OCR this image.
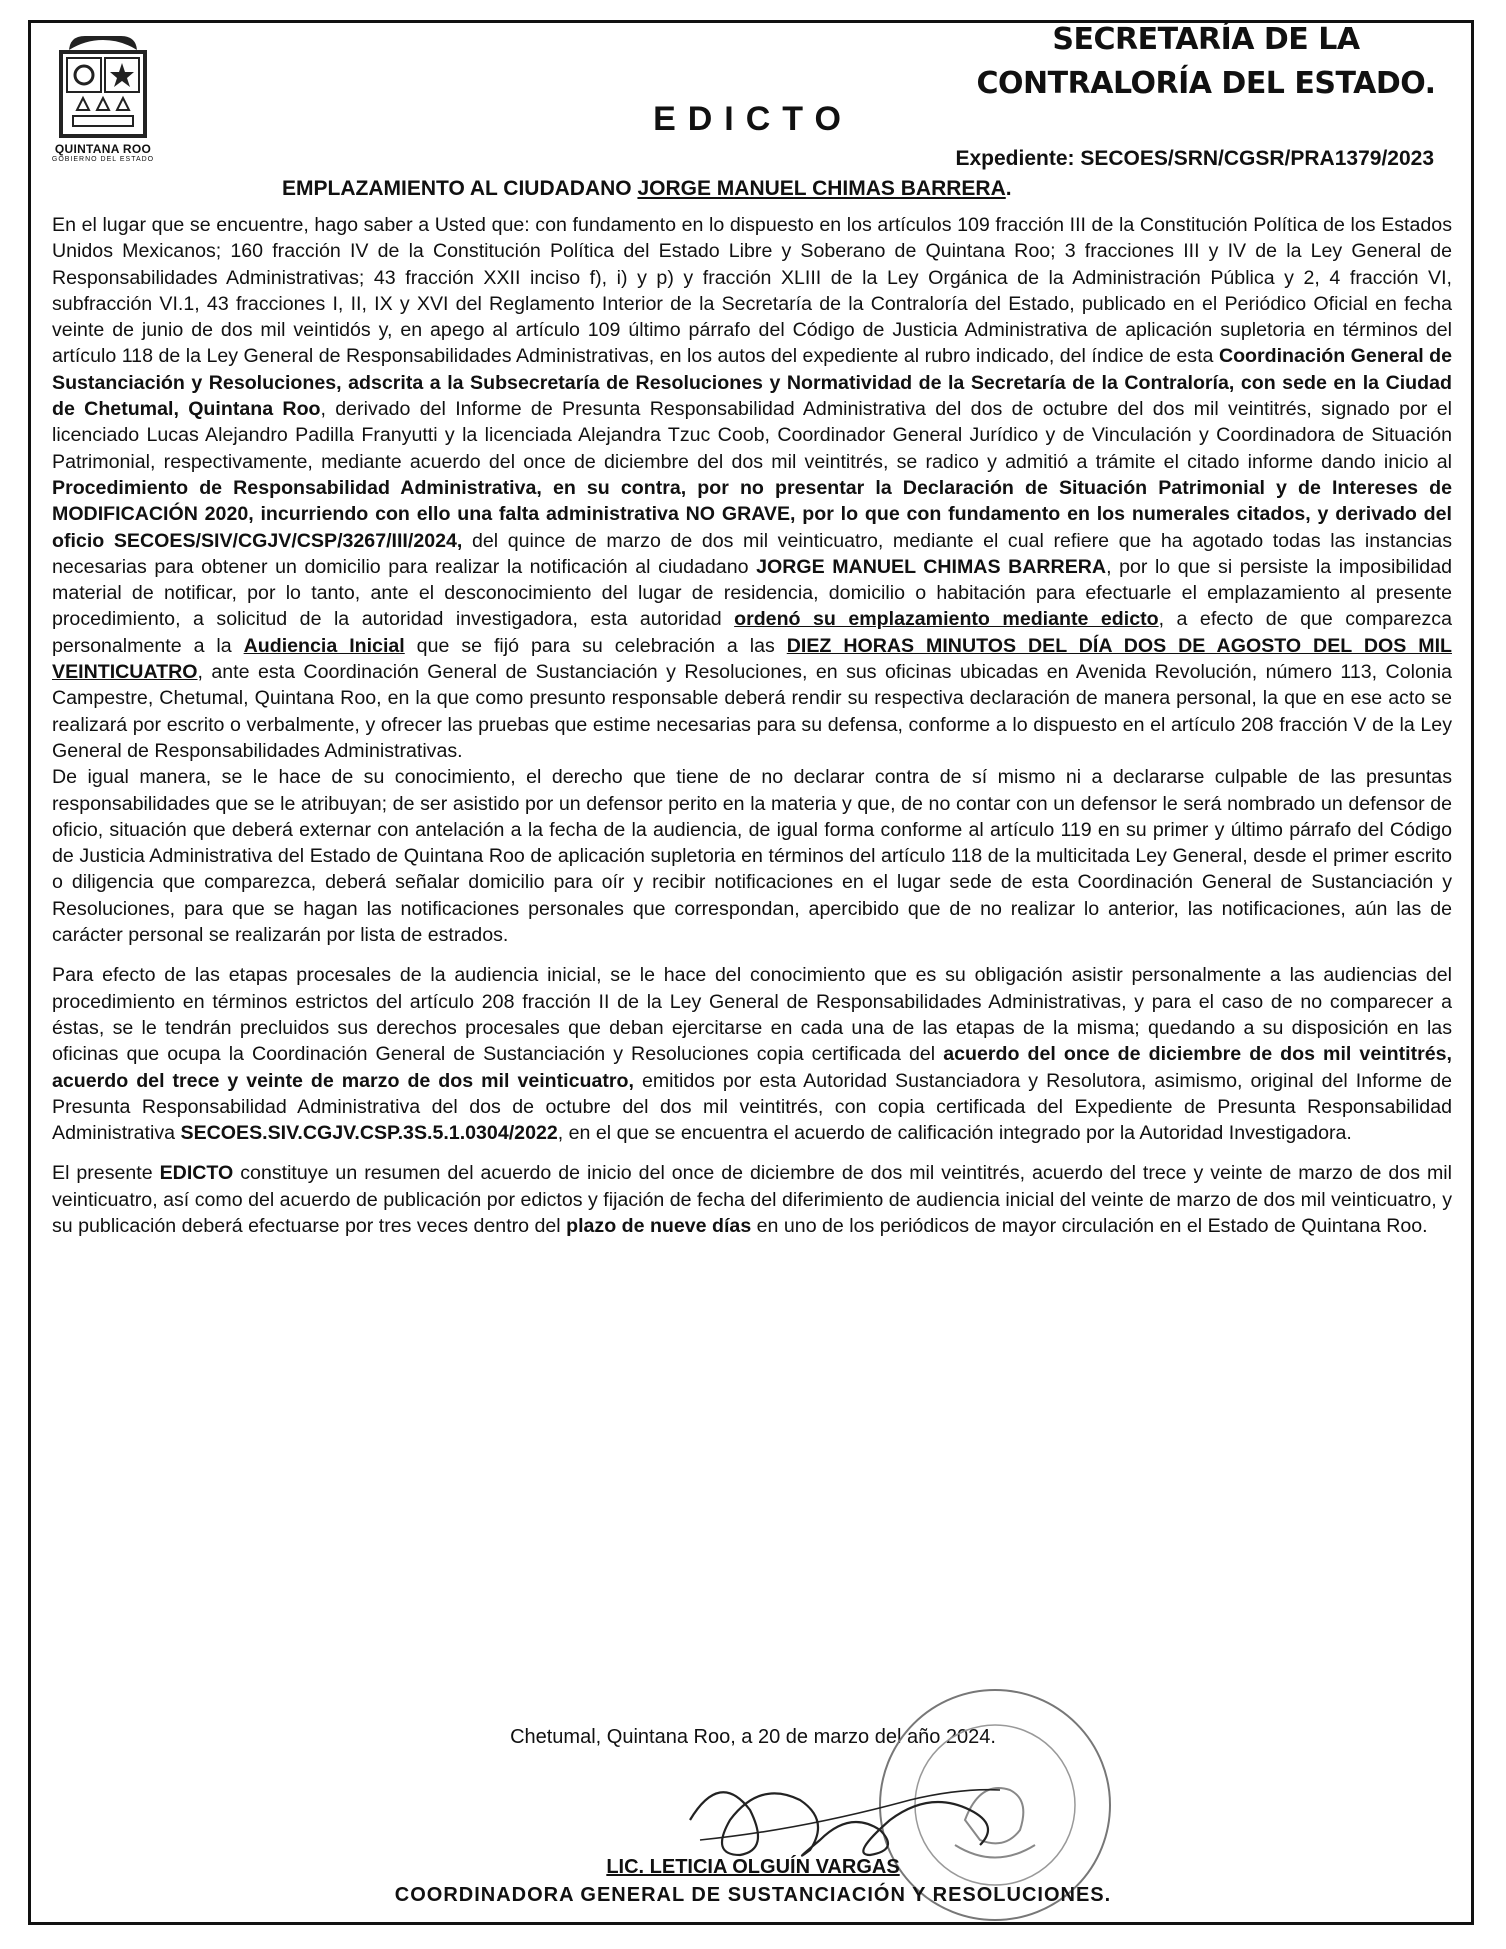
QUINTANA ROO
GOBIERNO DEL ESTADO
SECRETARÍA DE LA
CONTRALORÍA DEL ESTADO.
EDICTO
Expediente: SECOES/SRN/CGSR/PRA1379/2023
EMPLAZAMIENTO AL CIUDADANO JORGE MANUEL CHIMAS BARRERA.

En el lugar que se encuentre, hago saber a Usted que: con fundamento en lo dispuesto en los artículos 109 fracción III de la Constitución Política de los Estados Unidos Mexicanos; 160 fracción IV de la Constitución Política del Estado Libre y Soberano de Quintana Roo; 3 fracciones III y IV de la Ley General de Responsabilidades Administrativas; 43 fracción XXII inciso f), i) y p) y fracción XLIII de la Ley Orgánica de la Administración Pública y 2, 4 fracción VI, subfracción VI.1, 43 fracciones I, II, IX y XVI del Reglamento Interior de la Secretaría de la Contraloría del Estado, publicado en el Periódico Oficial en fecha veinte de junio de dos mil veintidós y, en apego al artículo 109 último párrafo del Código de Justicia Administrativa de aplicación supletoria en términos del artículo 118 de la Ley General de Responsabilidades Administrativas, en los autos del expediente al rubro indicado, del índice de esta Coordinación General de Sustanciación y Resoluciones, adscrita a la Subsecretaría de Resoluciones y Normatividad de la Secretaría de la Contraloría, con sede en la Ciudad de Chetumal, Quintana Roo, derivado del Informe de Presunta Responsabilidad Administrativa del dos de octubre del dos mil veintitrés, signado por el licenciado Lucas Alejandro Padilla Franyutti y la licenciada Alejandra Tzuc Coob, Coordinador General Jurídico y de Vinculación y Coordinadora de Situación Patrimonial, respectivamente, mediante acuerdo del once de diciembre del dos mil veintitrés, se radico y admitió a trámite el citado informe dando inicio al Procedimiento de Responsabilidad Administrativa, en su contra, por no presentar la Declaración de Situación Patrimonial y de Intereses de MODIFICACIÓN 2020, incurriendo con ello una falta administrativa NO GRAVE, por lo que con fundamento en los numerales citados, y derivado del oficio SECOES/SIV/CGJV/CSP/3267/III/2024, del quince de marzo de dos mil veinticuatro, mediante el cual refiere que ha agotado todas las instancias necesarias para obtener un domicilio para realizar la notificación al ciudadano JORGE MANUEL CHIMAS BARRERA, por lo que si persiste la imposibilidad material de notificar, por lo tanto, ante el desconocimiento del lugar de residencia, domicilio o habitación para efectuarle el emplazamiento al presente procedimiento, a solicitud de la autoridad investigadora, esta autoridad ordenó su emplazamiento mediante edicto, a efecto de que comparezca personalmente a la Audiencia Inicial que se fijó para su celebración a las DIEZ HORAS MINUTOS DEL DÍA DOS DE AGOSTO DEL DOS MIL VEINTICUATRO, ante esta Coordinación General de Sustanciación y Resoluciones, en sus oficinas ubicadas en Avenida Revolución, número 113, Colonia Campestre, Chetumal, Quintana Roo, en la que como presunto responsable deberá rendir su respectiva declaración de manera personal, la que en ese acto se realizará por escrito o verbalmente, y ofrecer las pruebas que estime necesarias para su defensa, conforme a lo dispuesto en el artículo 208 fracción V de la Ley General de Responsabilidades Administrativas.

De igual manera, se le hace de su conocimiento, el derecho que tiene de no declarar contra de sí mismo ni a declararse culpable de las presuntas responsabilidades que se le atribuyan; de ser asistido por un defensor perito en la materia y que, de no contar con un defensor le será nombrado un defensor de oficio, situación que deberá externar con antelación a la fecha de la audiencia, de igual forma conforme al artículo 119 en su primer y último párrafo del Código de Justicia Administrativa del Estado de Quintana Roo de aplicación supletoria en términos del artículo 118 de la multicitada Ley General, desde el primer escrito o diligencia que comparezca, deberá señalar domicilio para oír y recibir notificaciones en el lugar sede de esta Coordinación General de Sustanciación y Resoluciones, para que se hagan las notificaciones personales que correspondan, apercibido que de no realizar lo anterior, las notificaciones, aún las de carácter personal se realizarán por lista de estrados.

Para efecto de las etapas procesales de la audiencia inicial, se le hace del conocimiento que es su obligación asistir personalmente a las audiencias del procedimiento en términos estrictos del artículo 208 fracción II de la Ley General de Responsabilidades Administrativas, y para el caso de no comparecer a éstas, se le tendrán precluidos sus derechos procesales que deban ejercitarse en cada una de las etapas de la misma; quedando a su disposición en las oficinas que ocupa la Coordinación General de Sustanciación y Resoluciones copia certificada del acuerdo del once de diciembre de dos mil veintitrés, acuerdo del trece y veinte de marzo de dos mil veinticuatro, emitidos por esta Autoridad Sustanciadora y Resolutora, asimismo, original del Informe de Presunta Responsabilidad Administrativa del dos de octubre del dos mil veintitrés, con copia certificada del Expediente de Presunta Responsabilidad Administrativa SECOES.SIV.CGJV.CSP.3S.5.1.0304/2022, en el que se encuentra el acuerdo de calificación integrado por la Autoridad Investigadora.

El presente EDICTO constituye un resumen del acuerdo de inicio del once de diciembre de dos mil veintitrés, acuerdo del trece y veinte de marzo de dos mil veinticuatro, así como del acuerdo de publicación por edictos y fijación de fecha del diferimiento de audiencia inicial del veinte de marzo de dos mil veinticuatro, y su publicación deberá efectuarse por tres veces dentro del plazo de nueve días en uno de los periódicos de mayor circulación en el Estado de Quintana Roo.

Chetumal, Quintana Roo, a 20 de marzo del año 2024.
LIC. LETICIA OLGUÍN VARGAS
COORDINADORA GENERAL DE SUSTANCIACIÓN Y RESOLUCIONES.
